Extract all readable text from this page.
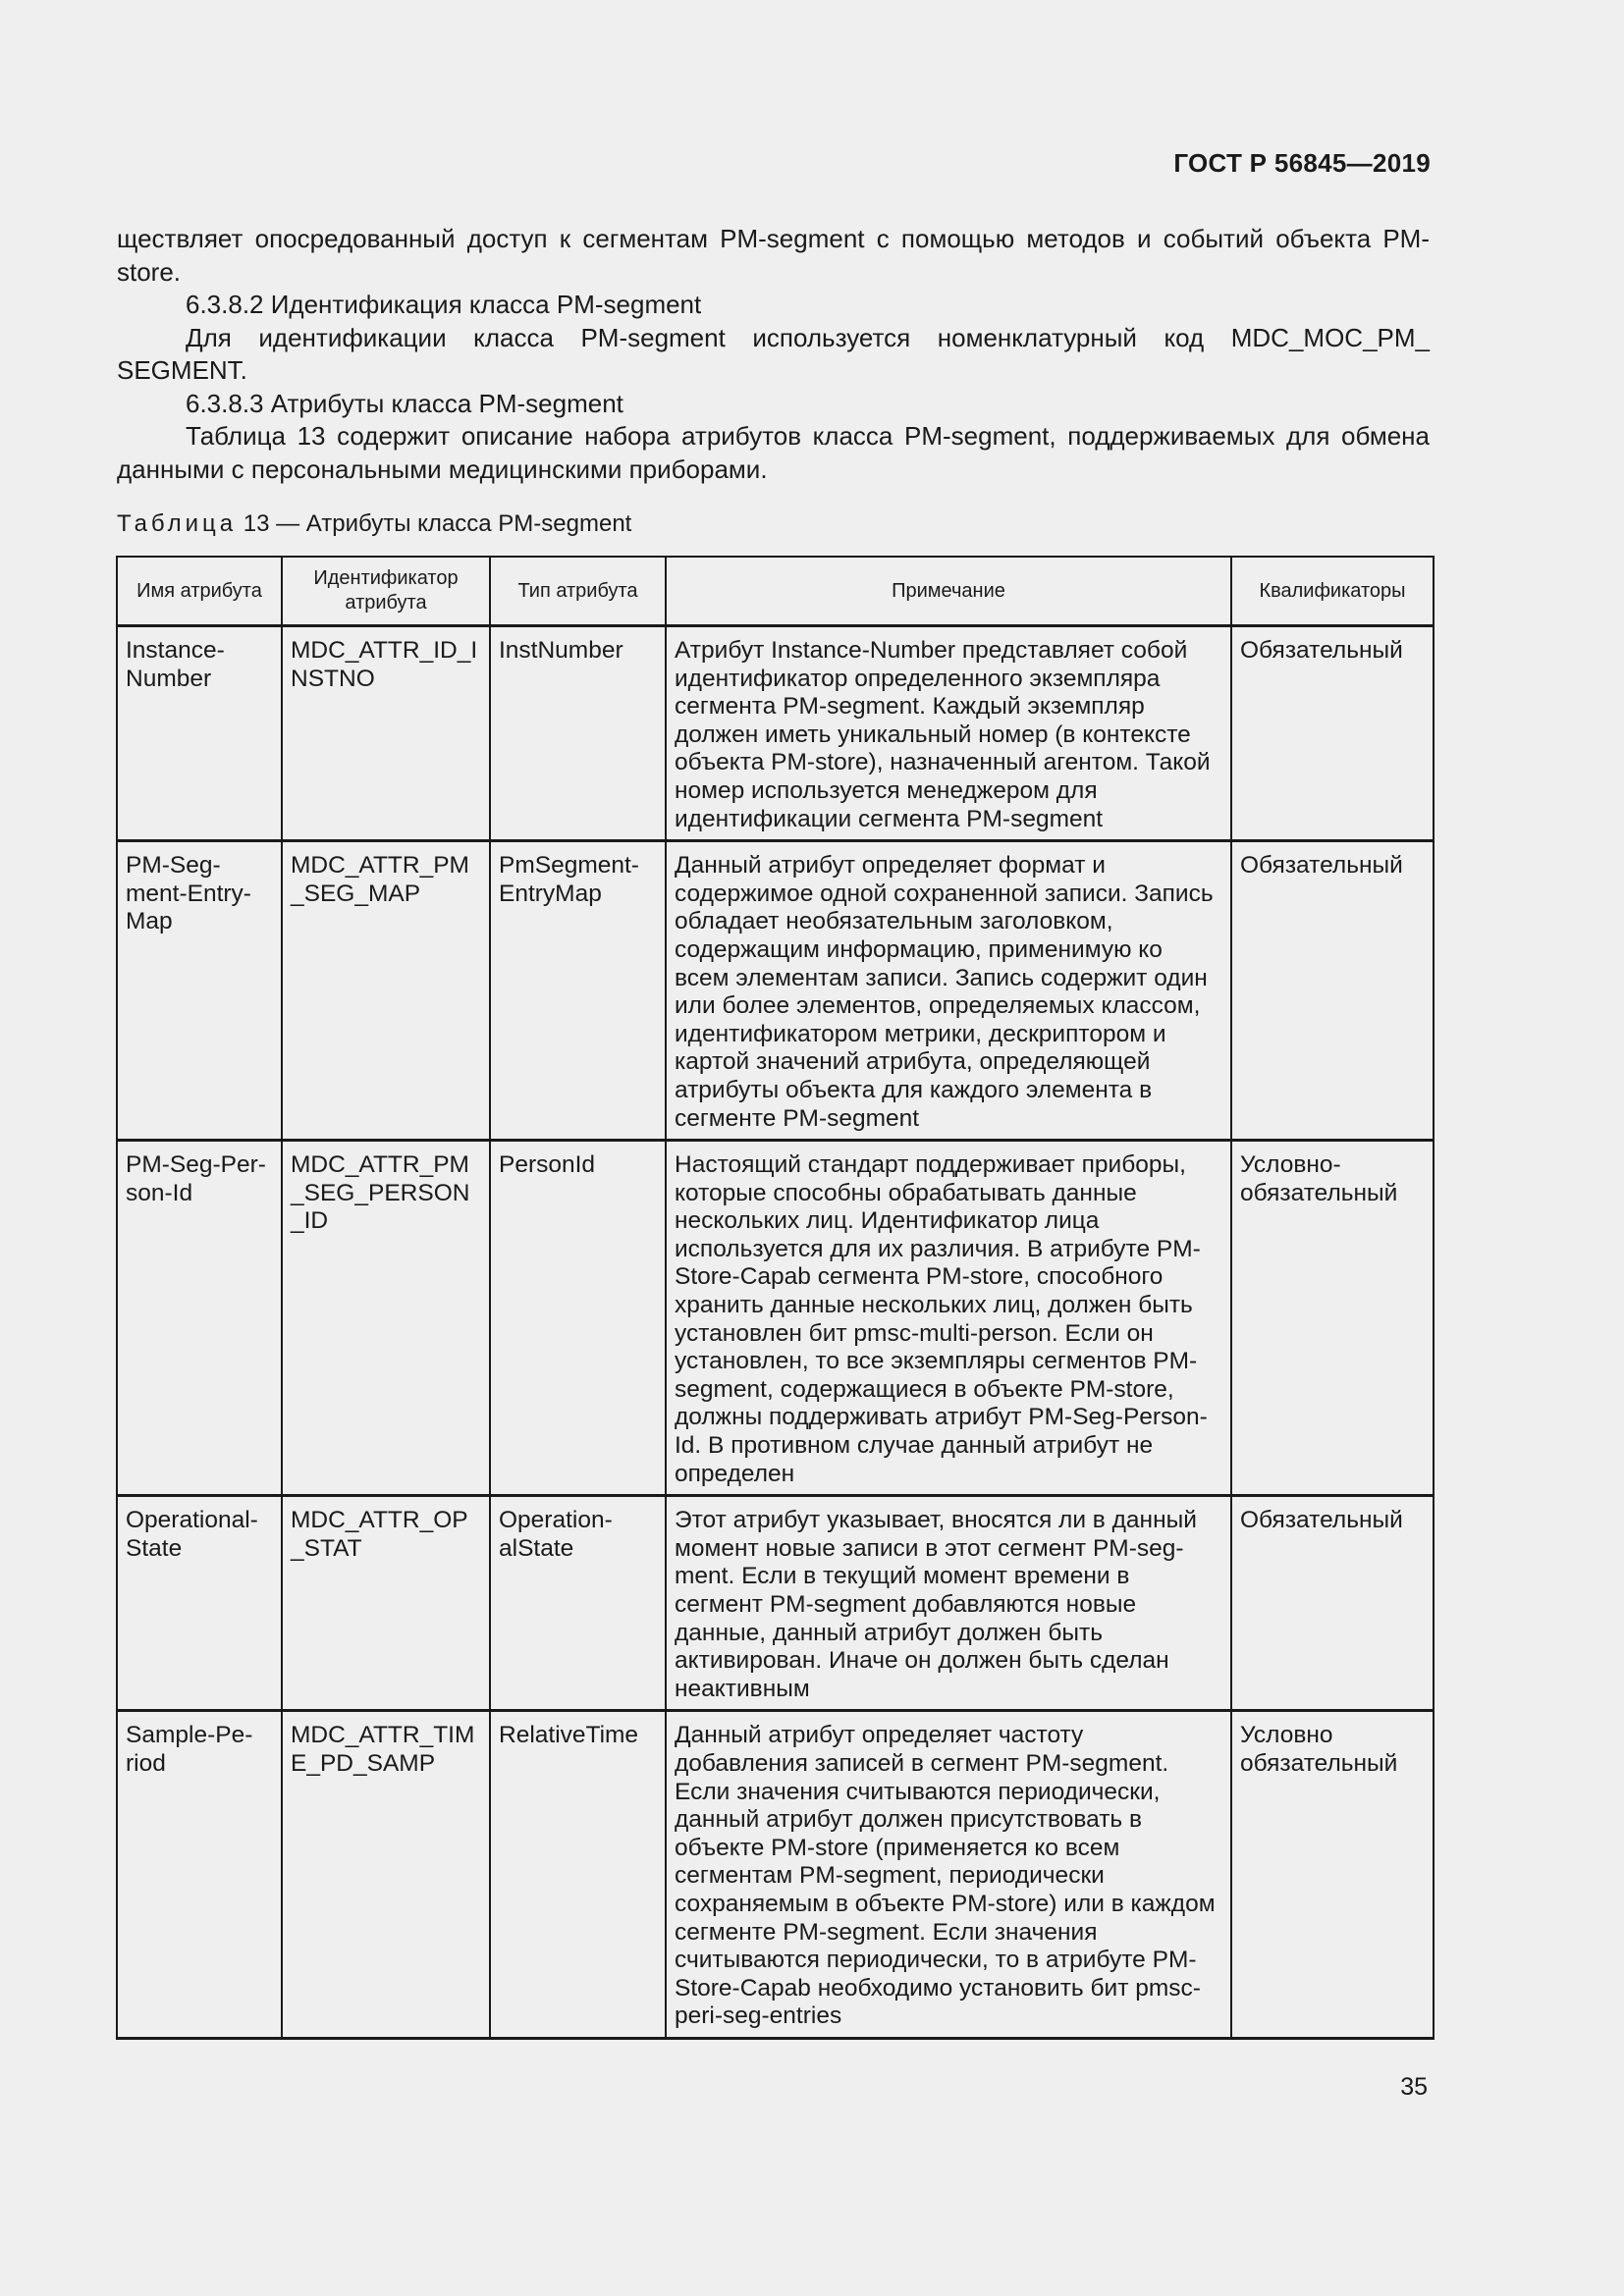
ГОСТ Р 56845—2019

ществляет опосредованный доступ к сегментам PM-segment с помощью методов и событий объекта PM-store.

6.3.8.2 Идентификация класса PM-segment

Для идентификации класса PM-segment используется номенклатурный код MDC_MOC_PM_

SEGMENT.

6.3.8.3 Атрибуты класса PM-segment

Таблица 13 содержит описание набора атрибутов класса PM-segment, поддерживаемых для обмена данными с персональными медицинскими приборами.

Таблица 13 — Атрибуты класса PM-segment
Имя атрибута	Идентификатор атрибута	Тип атрибута	Примечание	Квалификаторы
Instance-Number	MDC_ATTR_ID_INSTNO	InstNumber	Атрибут Instance-Number представляет собой идентификатор определенного экземпляра сегмента PM-segment. Каждый экземпляр должен иметь уникальный номер (в контексте объекта PM-store), назначенный агентом. Такой номер используется менеджером для идентификации сегмента PM-segment	Обязательный
PM-Seg-ment-Entry-Map	MDC_ATTR_PM_SEG_MAP	PmSegment-EntryMap	Данный атрибут определяет формат и содержимое одной сохраненной записи. Запись обладает необязательным заголовком, содержащим информацию, применимую ко всем элементам записи. Запись содержит один или более элементов, определяемых классом, идентификатором метрики, дескриптором и картой значений атрибута, определяющей атрибуты объекта для каждого элемента в сегменте PM-segment	Обязательный
PM-Seg-Per-son-Id	MDC_ATTR_PM_SEG_PERSON_ID	PersonId	Настоящий стандарт поддерживает приборы, которые способны обрабатывать данные нескольких лиц. Идентификатор лица используется для их различия. В атрибуте PM-Store-Capab сегмента PM-store, способного хранить данные нескольких лиц, должен быть установлен бит pmsc-multi-person. Если он установлен, то все экземпляры сегментов PM-segment, содержащиеся в объекте PM-store, должны поддерживать атрибут PM-Seg-Person-Id. В противном случае данный атрибут не определен	Условно-обязательный
Operational-State	MDC_ATTR_OP_STAT	Operation-alState	Этот атрибут указывает, вносятся ли в данный момент новые записи в этот сегмент PM-seg-ment. Если в текущий момент времени в сегмент PM-segment добавляются новые данные, данный атрибут должен быть активирован. Иначе он должен быть сделан неактивным	Обязательный
Sample-Pe-riod	MDC_ATTR_TIME_PD_SAMP	RelativeTime	Данный атрибут определяет частоту добавления записей в сегмент PM-segment. Если значения считываются периодически, данный атрибут должен присутствовать в объекте PM-store (применяется ко всем сегментам PM-segment, периодически сохраняемым в объекте PM-store) или в каждом сегменте PM-segment. Если значения считываются периодически, то в атрибуте PM-Store-Capab необходимо установить бит pmsc-peri-seg-entries	Условно обязательный
35
